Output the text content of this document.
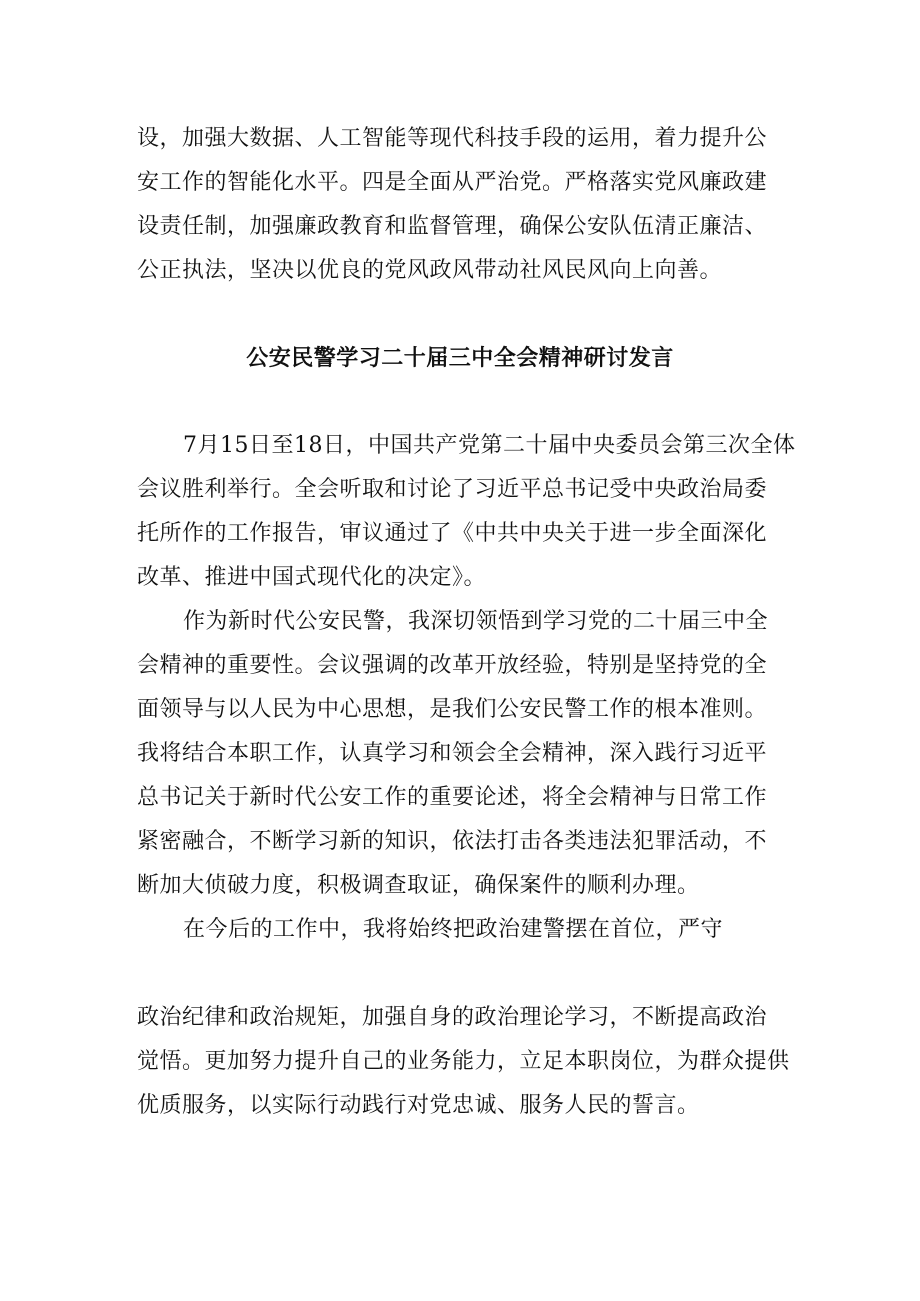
设，加强大数据、人工智能等现代科技手段的运用，着力提升公
安工作的智能化水平。四是全面从严治党。严格落实党风廉政建
设责任制，加强廉政教育和监督管理，确保公安队伍清正廉洁、
公正执法，坚决以优良的党风政风带动社风民风向上向善。
公安民警学习二十届三中全会精神研讨发言
7月15日至18日，中国共产党第二十届中央委员会第三次全体
会议胜利举行。全会听取和讨论了习近平总书记受中央政治局委
托所作的工作报告，审议通过了《中共中央关于进一步全面深化
改革、推进中国式现代化的决定》。
作为新时代公安民警，我深切领悟到学习党的二十届三中全
会精神的重要性。会议强调的改革开放经验，特别是坚持党的全
面领导与以人民为中心思想，是我们公安民警工作的根本准则。
我将结合本职工作，认真学习和领会全会精神，深入践行习近平
总书记关于新时代公安工作的重要论述，将全会精神与日常工作
紧密融合，不断学习新的知识，依法打击各类违法犯罪活动，不
断加大侦破力度，积极调查取证，确保案件的顺利办理。
在今后的工作中，我将始终把政治建警摆在首位，严守
政治纪律和政治规矩，加强自身的政治理论学习，不断提高政治
觉悟。更加努力提升自己的业务能力，立足本职岗位，为群众提供
优质服务，以实际行动践行对党忠诚、服务人民的誓言。
